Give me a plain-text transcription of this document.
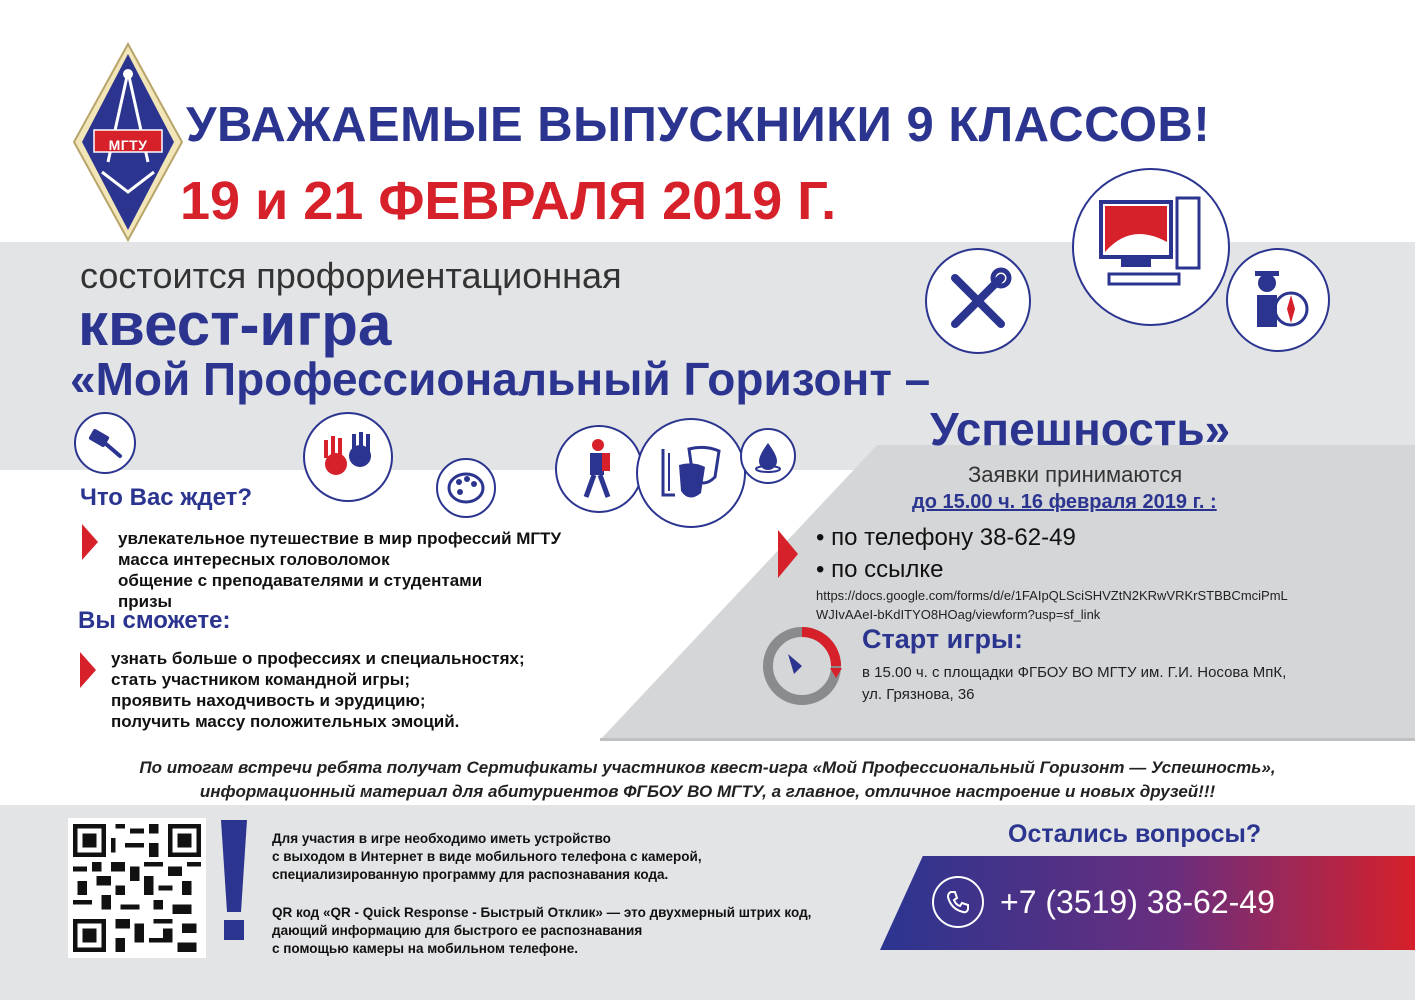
МГТУ УВАЖАЕМЫЕ ВЫПУСКНИКИ 9 КЛАССОВ!
19 и 21 ФЕВРАЛЯ 2019 Г.
состоится профориентационная
квест-игра
«Мой Профессиональный Горизонт –
Успешность»
Что Вас ждет?
увлекательное путешествие в мир профессий МГТУ
масса интересных головоломок
общение с преподавателями и студентами
призы
Вы сможете:
узнать больше о профессиях и специальностях;
стать участником командной игры;
проявить находчивость и эрудицию;
получить массу положительных эмоций.
Заявки принимаются
до 15.00 ч. 16 февраля 2019 г. :
• по телефону 38-62-49
• по ссылке
https://docs.google.com/forms/d/e/1FAIpQLSciSHVZtN2KRwVRKrSTBBCmciPmL
WJIvAAeI-bKdITYO8HOag/viewform?usp=sf_link
Старт игры:
в 15.00 ч. с площадки ФГБОУ ВО МГТУ им. Г.И. Носова МпК,
ул. Грязнова, 36
По итогам встречи ребята получат Сертификаты участников квест-игра «Мой Профессиональный Горизонт — Успешность»,
информационный материал для абитуриентов ФГБОУ ВО МГТУ, а главное, отличное настроение и новых друзей!!!
Для участия в игре необходимо иметь устройство
с выходом в Интернет в виде мобильного телефона с камерой,
специализированную программу для распознавания кода.
QR код «QR - Quick Response - Быстрый Отклик» — это двухмерный штрих код,
дающий информацию для быстрого ее распознавания
с помощью камеры на мобильном телефоне.
Остались вопросы?
+7 (3519) 38-62-49
